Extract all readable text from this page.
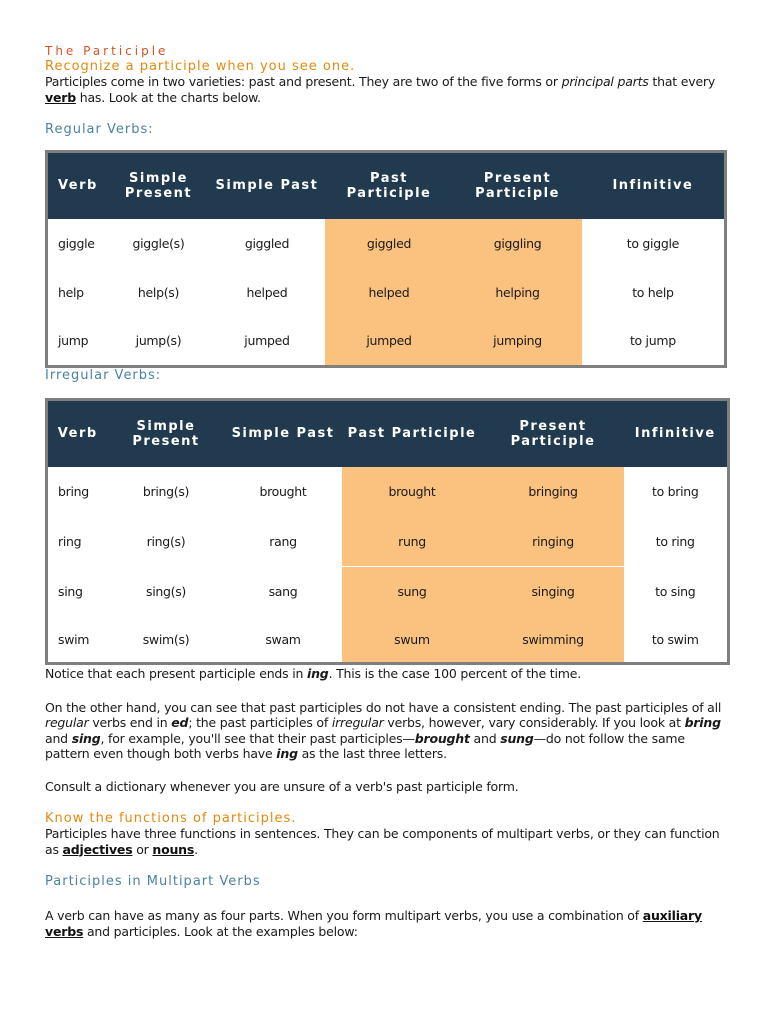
The Participle
Recognize a participle when you see one.

Participles come in two varieties: past and present. They are two of the five forms or principal parts that every verb has. Look at the charts below.

Regular Verbs:
Verb	Simple Present	Simple Past	Past Participle	Present Participle	Infinitive
giggle	giggle(s)	giggled	giggled	giggling	to giggle
help	help(s)	helped	helped	helping	to help
jump	jump(s)	jumped	jumped	jumping	to jump
Irregular Verbs:
Verb	Simple Present	Simple Past	Past Participle	Present Participle	Infinitive
bring	bring(s)	brought	brought	bringing	to bring
ring	ring(s)	rang	rung	ringing	to ring
sing	sing(s)	sang	sung	singing	to sing
swim	swim(s)	swam	swum	swimming	to swim

Notice that each present participle ends in ing. This is the case 100 percent of the time.

On the other hand, you can see that past participles do not have a consistent ending. The past participles of all regular verbs end in ed; the past participles of irregular verbs, however, vary considerably. If you look at bring and sing, for example, you'll see that their past participles—brought and sung—do not follow the same pattern even though both verbs have ing as the last three letters.

Consult a dictionary whenever you are unsure of a verb's past participle form.

Know the functions of participles.

Participles have three functions in sentences. They can be components of multipart verbs, or they can function as adjectives or nouns.

Participles in Multipart Verbs

A verb can have as many as four parts. When you form multipart verbs, you use a combination of auxiliary verbs and participles. Look at the examples below:
